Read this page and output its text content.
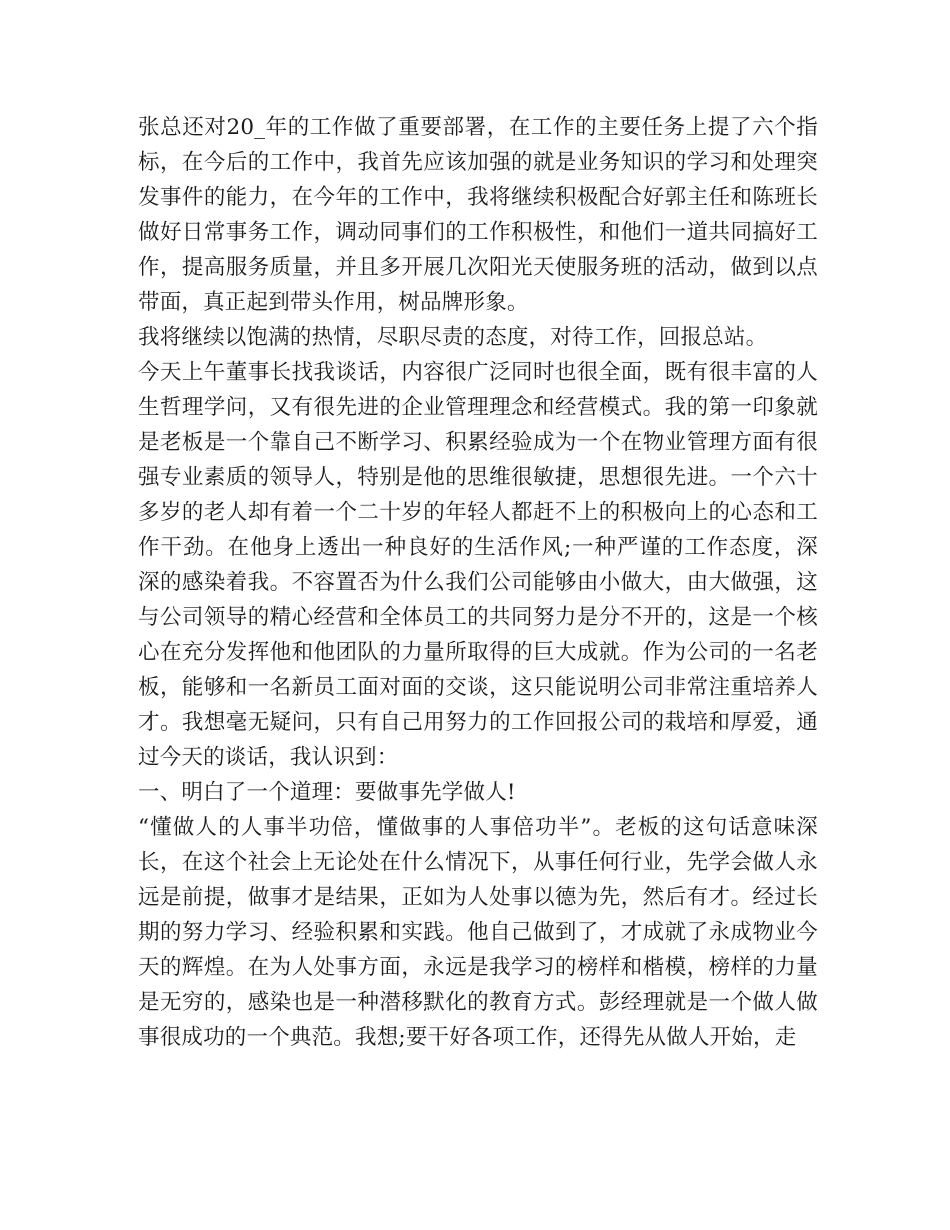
张总还对20_年的工作做了重要部署，在工作的主要任务上提了六个指标，在今后的工作中，我首先应该加强的就是业务知识的学习和处理突发事件的能力，在今年的工作中，我将继续积极配合好郭主任和陈班长做好日常事务工作，调动同事们的工作积极性，和他们一道共同搞好工作，提高服务质量，并且多开展几次阳光天使服务班的活动，做到以点带面，真正起到带头作用，树品牌形象。

我将继续以饱满的热情，尽职尽责的态度，对待工作，回报总站。

今天上午董事长找我谈话，内容很广泛同时也很全面，既有很丰富的人生哲理学问，又有很先进的企业管理理念和经营模式。我的第一印象就是老板是一个靠自己不断学习、积累经验成为一个在物业管理方面有很强专业素质的领导人，特别是他的思维很敏捷，思想很先进。一个六十多岁的老人却有着一个二十岁的年轻人都赶不上的积极向上的心态和工作干劲。在他身上透出一种良好的生活作风;一种严谨的工作态度，深深的感染着我。不容置否为什么我们公司能够由小做大，由大做强，这与公司领导的精心经营和全体员工的共同努力是分不开的，这是一个核心在充分发挥他和他团队的力量所取得的巨大成就。作为公司的一名老板，能够和一名新员工面对面的交谈，这只能说明公司非常注重培养人才。我想毫无疑问，只有自己用努力的工作回报公司的栽培和厚爱，通过今天的谈话，我认识到：

一、明白了一个道理：要做事先学做人!

“懂做人的人事半功倍，懂做事的人事倍功半”。老板的这句话意味深长，在这个社会上无论处在什么情况下，从事任何行业，先学会做人永远是前提，做事才是结果，正如为人处事以德为先，然后有才。经过长期的努力学习、经验积累和实践。他自己做到了，才成就了永成物业今天的辉煌。在为人处事方面，永远是我学习的榜样和楷模，榜样的力量是无穷的，感染也是一种潜移默化的教育方式。彭经理就是一个做人做事很成功的一个典范。我想;要干好各项工作，还得先从做人开始，走
